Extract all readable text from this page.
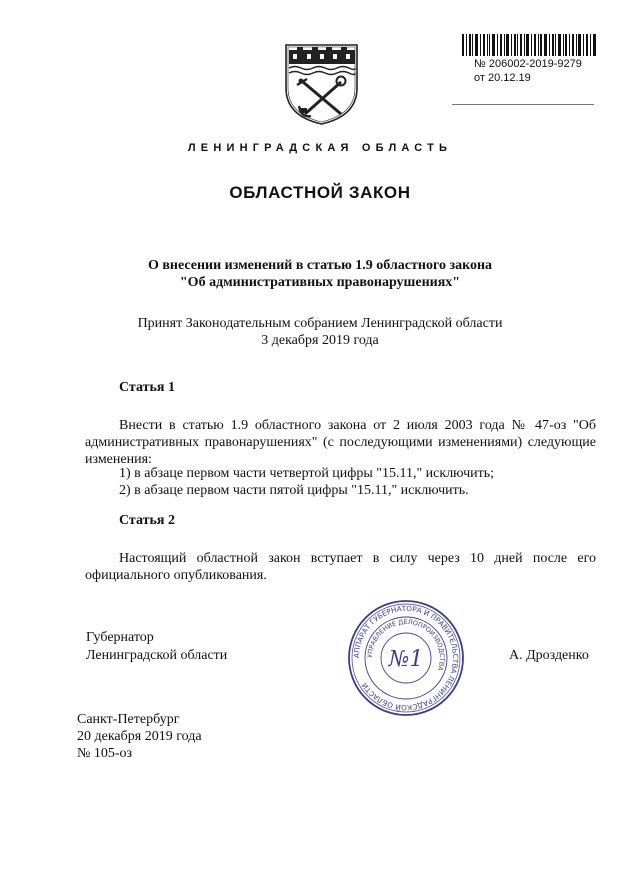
№ 206002-2019-9279
от 20.12.19
ЛЕНИНГРАДСКАЯ ОБЛАСТЬ
ОБЛАСТНОЙ ЗАКОН
О внесении изменений в статью 1.9 областного закона
"Об административных правонарушениях"
Принят Законодательным собранием Ленинградской области
3 декабря 2019 года
Статья 1
Внести в статью 1.9 областного закона от 2 июля 2003 года № 47-оз "Об административных правонарушениях" (с последующими изменениями) следующие изменения:
1) в абзаце первом части четвертой цифры "15.11," исключить;
2) в абзаце первом части пятой цифры "15.11," исключить.
Статья 2
Настоящий областной закон вступает в силу через 10 дней после его официального опубликования.
Губернатор
Ленинградской области	А. Дрозденко
АППАРАТ ГУБЕРНАТОРА И ПРАВИТЕЛЬСТВА ЛЕНИНГРАДСКОЙ ОБЛАСТИ
УПРАВЛЕНИЕ ДЕЛОПРОИЗВОДСТВА
№1
Санкт-Петербург
20 декабря 2019 года
№ 105-оз
